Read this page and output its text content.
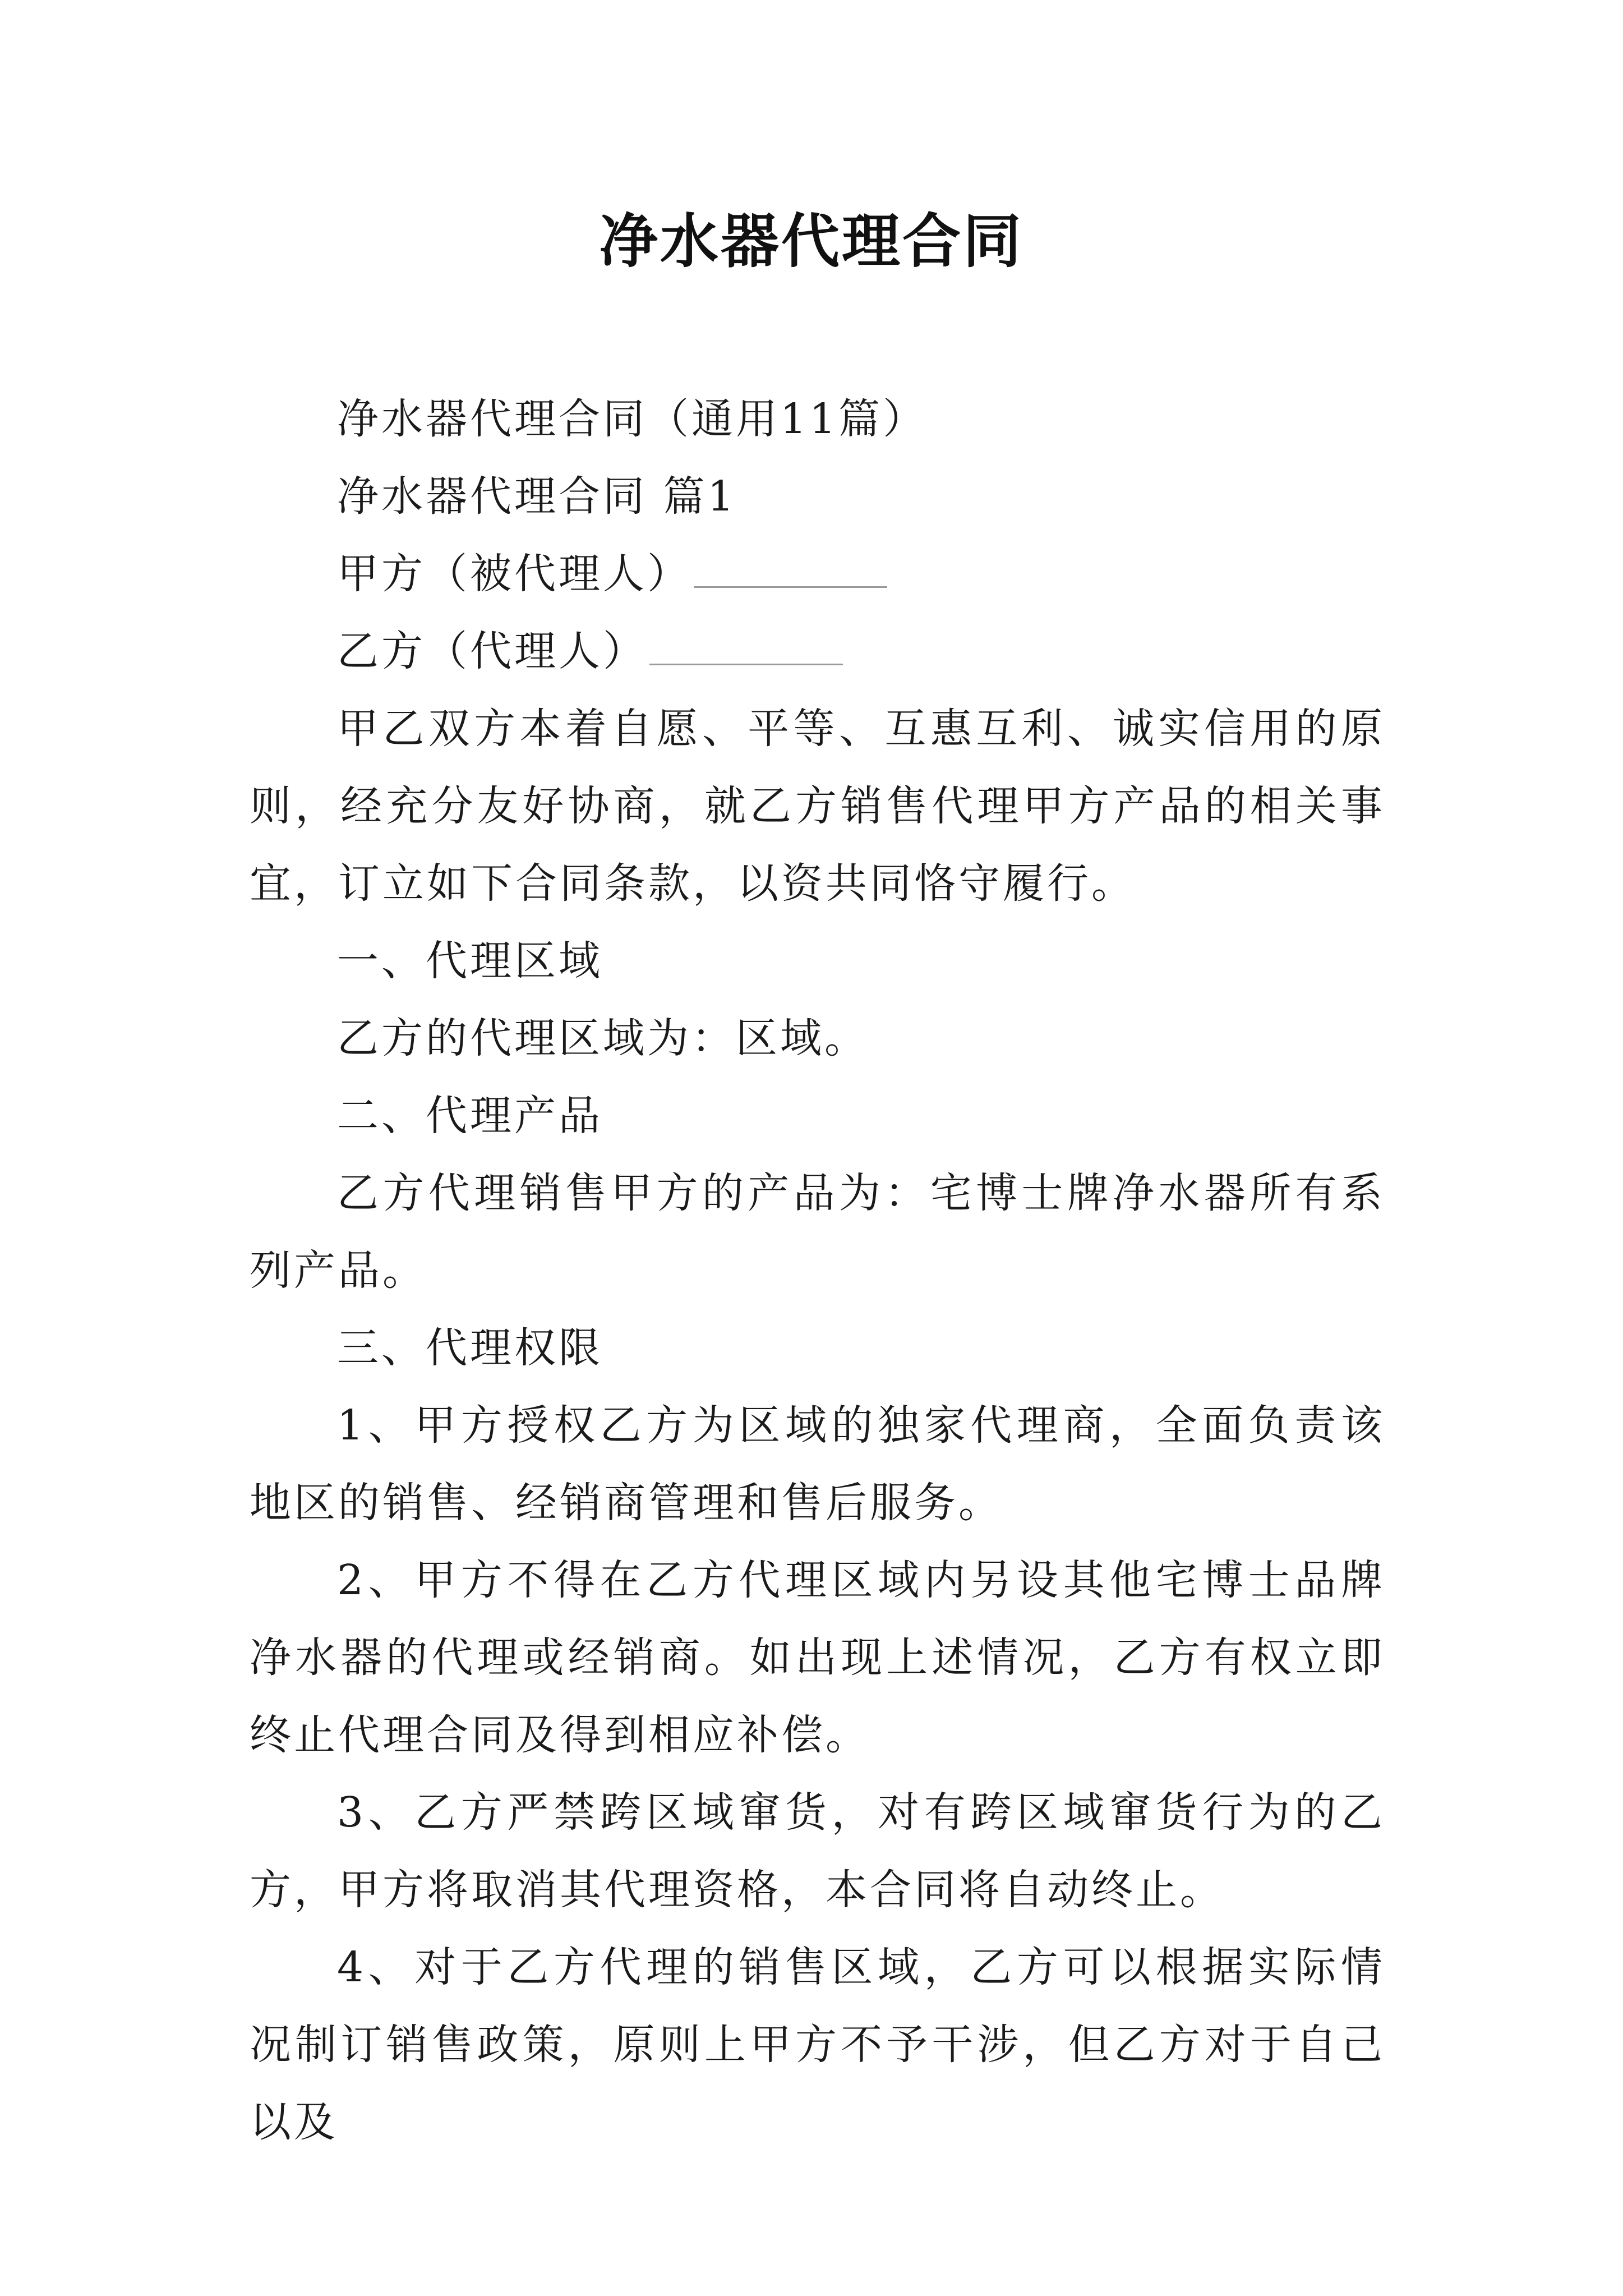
净水器代理合同

净水器代理合同（通用11篇）

净水器代理合同 篇1

甲方（被代理人）

乙方（代理人）

甲乙双方本着自愿、平等、互惠互利、诚实信用的原则，经充分友好协商，就乙方销售代理甲方产品的相关事宜，订立如下合同条款，以资共同恪守履行。

一、代理区域

乙方的代理区域为：区域。

二、代理产品

乙方代理销售甲方的产品为：宅博士牌净水器所有系列产品。

三、代理权限

1、甲方授权乙方为区域的独家代理商，全面负责该地区的销售、经销商管理和售后服务。

2、甲方不得在乙方代理区域内另设其他宅博士品牌净水器的代理或经销商。如出现上述情况，乙方有权立即终止代理合同及得到相应补偿。

3、乙方严禁跨区域窜货，对有跨区域窜货行为的乙方，甲方将取消其代理资格，本合同将自动终止。

4、对于乙方代理的销售区域，乙方可以根据实际情况制订销售政策，原则上甲方不予干涉，但乙方对于自己以及
